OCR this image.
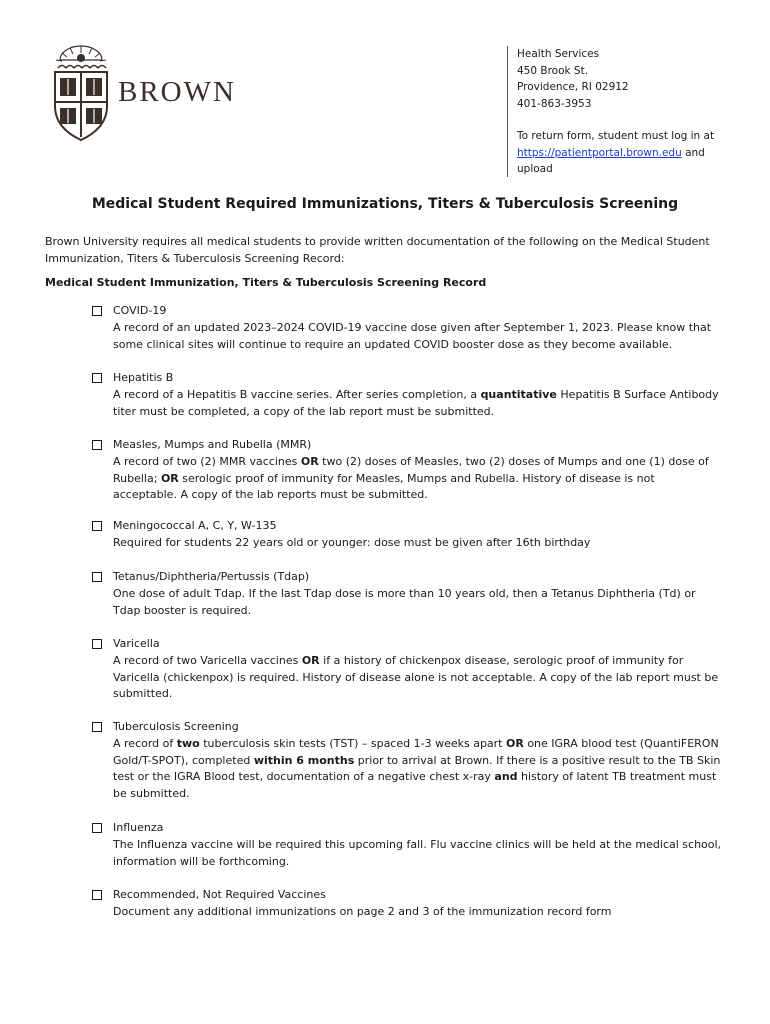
BROWN
Health Services
450 Brook St.
Providence, RI 02912
401-863-3953
To return form, student must log in at
https://patientportal.brown.edu and upload
Medical Student Required Immunizations, Titers & Tuberculosis Screening
Brown University requires all medical students to provide written documentation of the following on the Medical Student Immunization, Titers & Tuberculosis Screening Record:
Medical Student Immunization, Titers & Tuberculosis Screening Record
COVID-19
A record of an updated 2023–2024 COVID-19 vaccine dose given after September 1, 2023. Please know that some clinical sites will continue to require an updated COVID booster dose as they become available.
Hepatitis B
A record of a Hepatitis B vaccine series. After series completion, a quantitative Hepatitis B Surface Antibody titer must be completed, a copy of the lab report must be submitted.
Measles, Mumps and Rubella (MMR)
A record of two (2) MMR vaccines OR two (2) doses of Measles, two (2) doses of Mumps and one (1) dose of Rubella; OR serologic proof of immunity for Measles, Mumps and Rubella. History of disease is not acceptable. A copy of the lab reports must be submitted.
Meningococcal A, C, Y, W-135
Required for students 22 years old or younger: dose must be given after 16th birthday
Tetanus/Diphtheria/Pertussis (Tdap)
One dose of adult Tdap. If the last Tdap dose is more than 10 years old, then a Tetanus Diphtheria (Td) or Tdap booster is required.
Varicella
A record of two Varicella vaccines OR if a history of chickenpox disease, serologic proof of immunity for Varicella (chickenpox) is required. History of disease alone is not acceptable. A copy of the lab report must be submitted.
Tuberculosis Screening
A record of two tuberculosis skin tests (TST) – spaced 1-3 weeks apart OR one IGRA blood test (QuantiFERON Gold/T-SPOT), completed within 6 months prior to arrival at Brown. If there is a positive result to the TB Skin test or the IGRA Blood test, documentation of a negative chest x-ray and history of latent TB treatment must be submitted.
Influenza
The Influenza vaccine will be required this upcoming fall. Flu vaccine clinics will be held at the medical school, information will be forthcoming.
Recommended, Not Required Vaccines
Document any additional immunizations on page 2 and 3 of the immunization record form
